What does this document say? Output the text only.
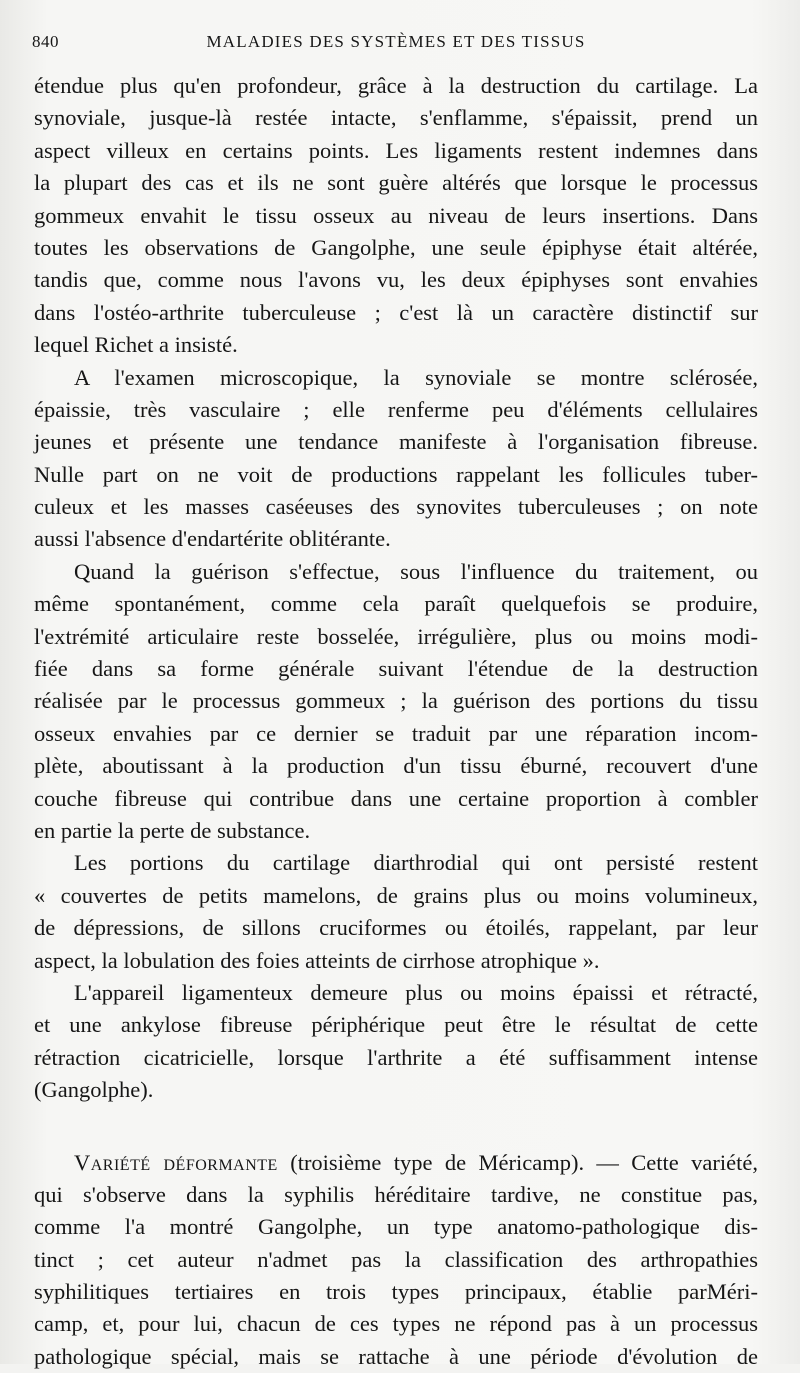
840	MALADIES DES SYSTÈMES ET DES TISSUS
étendue plus qu'en profondeur, grâce à la destruction du cartilage. La
synoviale, jusque-là restée intacte, s'enflamme, s'épaissit, prend un
aspect villeux en certains points. Les ligaments restent indemnes dans
la plupart des cas et ils ne sont guère altérés que lorsque le processus
gommeux envahit le tissu osseux au niveau de leurs insertions. Dans
toutes les observations de Gangolphe, une seule épiphyse était altérée,
tandis que, comme nous l'avons vu, les deux épiphyses sont envahies
dans l'ostéo-arthrite tuberculeuse ; c'est là un caractère distinctif sur
lequel Richet a insisté.
A l'examen microscopique, la synoviale se montre sclérosée,
épaissie, très vasculaire ; elle renferme peu d'éléments cellulaires
jeunes et présente une tendance manifeste à l'organisation fibreuse.
Nulle part on ne voit de productions rappelant les follicules tuber-
culeux et les masses caséeuses des synovites tuberculeuses ; on note
aussi l'absence d'endartérite oblitérante.
Quand la guérison s'effectue, sous l'influence du traitement, ou
même spontanément, comme cela paraît quelquefois se produire,
l'extrémité articulaire reste bosselée, irrégulière, plus ou moins modi-
fiée dans sa forme générale suivant l'étendue de la destruction
réalisée par le processus gommeux ; la guérison des portions du tissu
osseux envahies par ce dernier se traduit par une réparation incom-
plète, aboutissant à la production d'un tissu éburné, recouvert d'une
couche fibreuse qui contribue dans une certaine proportion à combler
en partie la perte de substance.
Les portions du cartilage diarthrodial qui ont persisté restent
« couvertes de petits mamelons, de grains plus ou moins volumineux,
de dépressions, de sillons cruciformes ou étoilés, rappelant, par leur
aspect, la lobulation des foies atteints de cirrhose atrophique ».
L'appareil ligamenteux demeure plus ou moins épaissi et rétracté,
et une ankylose fibreuse périphérique peut être le résultat de cette
rétraction cicatricielle, lorsque l'arthrite a été suffisamment intense
(Gangolphe).
Variété déformante (troisième type de Méricamp). — Cette variété,
qui s'observe dans la syphilis héréditaire tardive, ne constitue pas,
comme l'a montré Gangolphe, un type anatomo-pathologique dis-
tinct ; cet auteur n'admet pas la classification des arthropathies
syphilitiques tertiaires en trois types principaux, établie parMéri-
camp, et, pour lui, chacun de ces types ne répond pas à un processus
pathologique spécial, mais se rattache à une période d'évolution de
